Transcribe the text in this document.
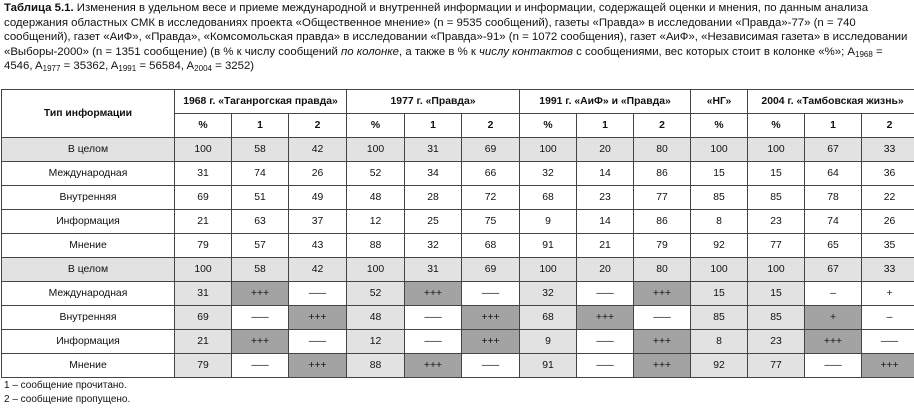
Таблица 5.1. Изменения в удельном весе и приеме международной и внутренней информации и информации, содержащей оценки и мнения, по данным анализа содержания областных СМК в исследованиях проекта «Общественное мнение» (n = 9535 сообщений), газеты «Правда» в исследовании «Правда»-77» (n = 740 сообщений), газет «АиФ», «Правда», «Комсомольская правда» в исследовании «Правда»-91» (n = 1072 сообщения), газет «АиФ», «Независимая газета» в исследовании «Выборы-2000» (n = 1351 сообщение) (в % к числу сообщений по колонке, а также в % к числу контактов с сообщениями, вес которых стоит в колонке «%»; $A_{1968} = 4546$, $A_{1977} = 35362$, $A_{1991} = 56584$, $A_{2004} = 3252$)
Тип информации	1968 г. «Таганрогская правда»			1977 г. «Правда»			1991 г. «АиФ» и «Правда»			«НГ»	2004 г. «Тамбовская жизнь»		
	%	1	2	%	1	2	%	1	2	%	%	1	2
В целом	100	58	42	100	31	69	100	20	80	100	100	67	33
Международная	31	74	26	52	34	66	32	14	86	15	15	64	36
Внутренняя	69	51	49	48	28	72	68	23	77	85	85	78	22
Информация	21	63	37	12	25	75	9	14	86	8	23	74	26
Мнение	79	57	43	88	32	68	91	21	79	92	77	65	35
В целом	100	58	42	100	31	69	100	20	80	100	100	67	33
Международная	31	+++	–––	52	+++	–––	32	–––	+++	15	15	–	+
Внутренняя	69	–––	+++	48	–––	+++	68	+++	–––	85	85	+	–
Информация	21	+++	–––	12	–––	+++	9	–––	+++	8	23	+++	–––
Мнение	79	–––	+++	88	+++	–––	91	–––	+++	92	77	–––	+++
1 – сообщение прочитано.
2 – сообщение пропущено.
